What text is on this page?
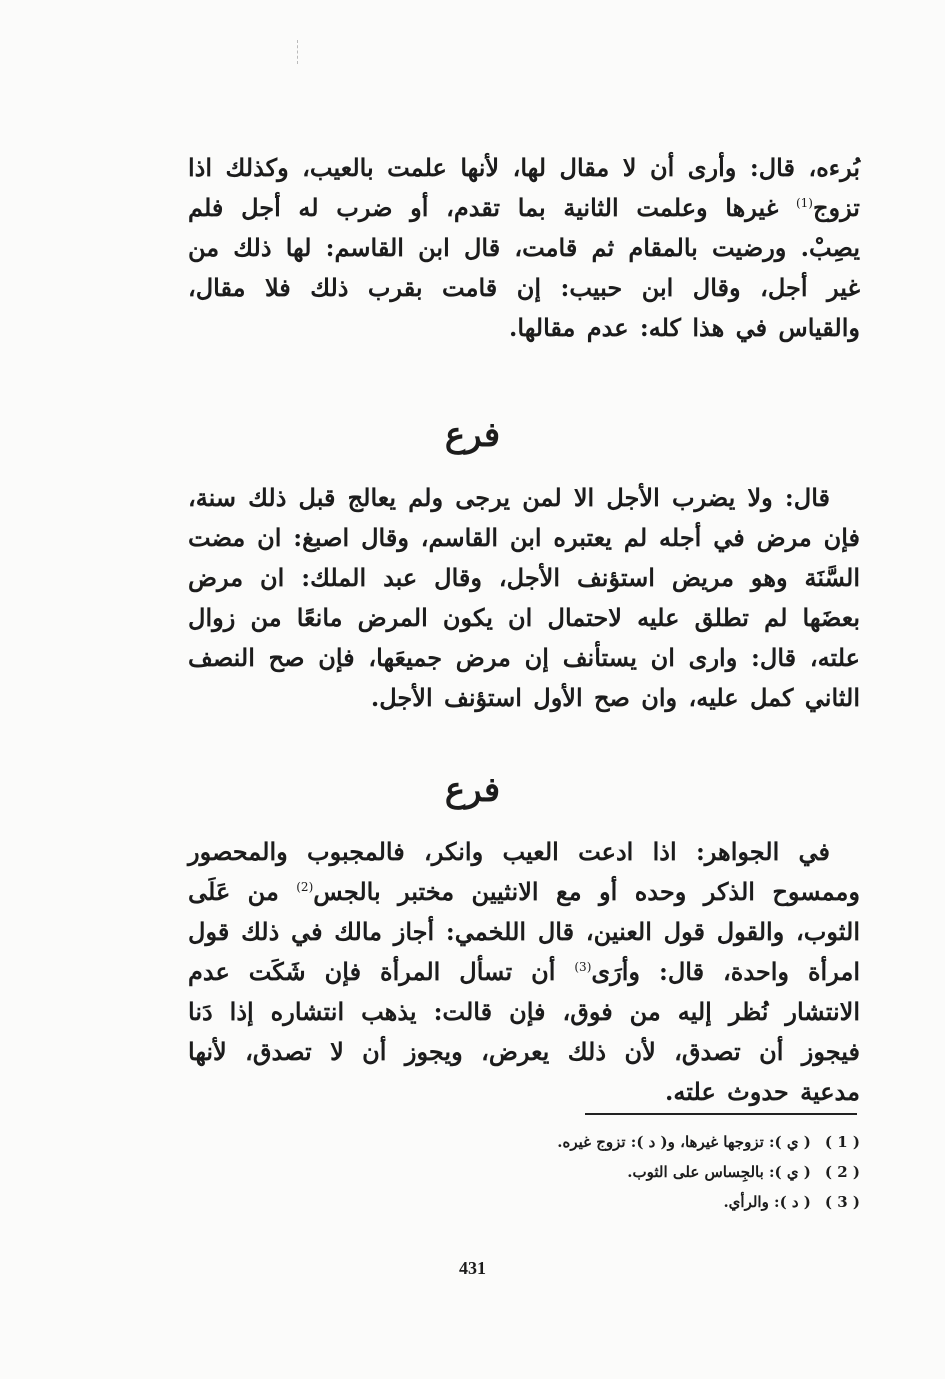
بُرءه، قال: وأرى أن لا مقال لها، لأنها علمت بالعيب، وكذلك اذا تزوج$^{(1)}$ غيرها وعلمت الثانية بما تقدم، أو ضرب له أجل فلم يصِبْ. ورضيت بالمقام ثم قامت، قال ابن القاسم: لها ذلك من غير أجل، وقال ابن حبيب: إن قامت بقرب ذلك فلا مقال، والقياس في هذا كله: عدم مقالها.

فرع

قال: ولا يضرب الأجل الا لمن يرجى ولم يعالج قبل ذلك سنة، فإن مرض في أجله لم يعتبره ابن القاسم، وقال اصبغ: ان مضت السَّنَة وهو مريض استؤنف الأجل، وقال عبد الملك: ان مرض بعضَها لم تطلق عليه لاحتمال ان يكون المرض مانعًا من زوال علته، قال: وارى ان يستأنف إن مرض جميعَها، فإن صح النصف الثاني كمل عليه، وان صح الأول استؤنف الأجل.

فرع

في الجواهر: اذا ادعت العيب وانكر، فالمجبوب والمحصور وممسوح الذكر وحده أو مع الانثيين مختبر بالجس$^{(2)}$ من عَلَى الثوب، والقول قول العنين، قال اللخمي: أجاز مالك في ذلك قول امرأة واحدة، قال: وأرَى$^{(3)}$ أن تسأل المرأة فإن شَكَت عدم الانتشار نُظر إليه من فوق، فإن قالت: يذهب انتشاره إذا دَنا فيجوز أن تصدق، لأن ذلك يعرض، ويجوز أن لا تصدق، لأنها مدعية حدوث علته.

( 1 )( ي ): تزوجها غيرها، و( د ): تزوج غيره.
( 2 )( ي ): بالجِساس على الثوب.
( 3 )( د ): والرأي.
431
